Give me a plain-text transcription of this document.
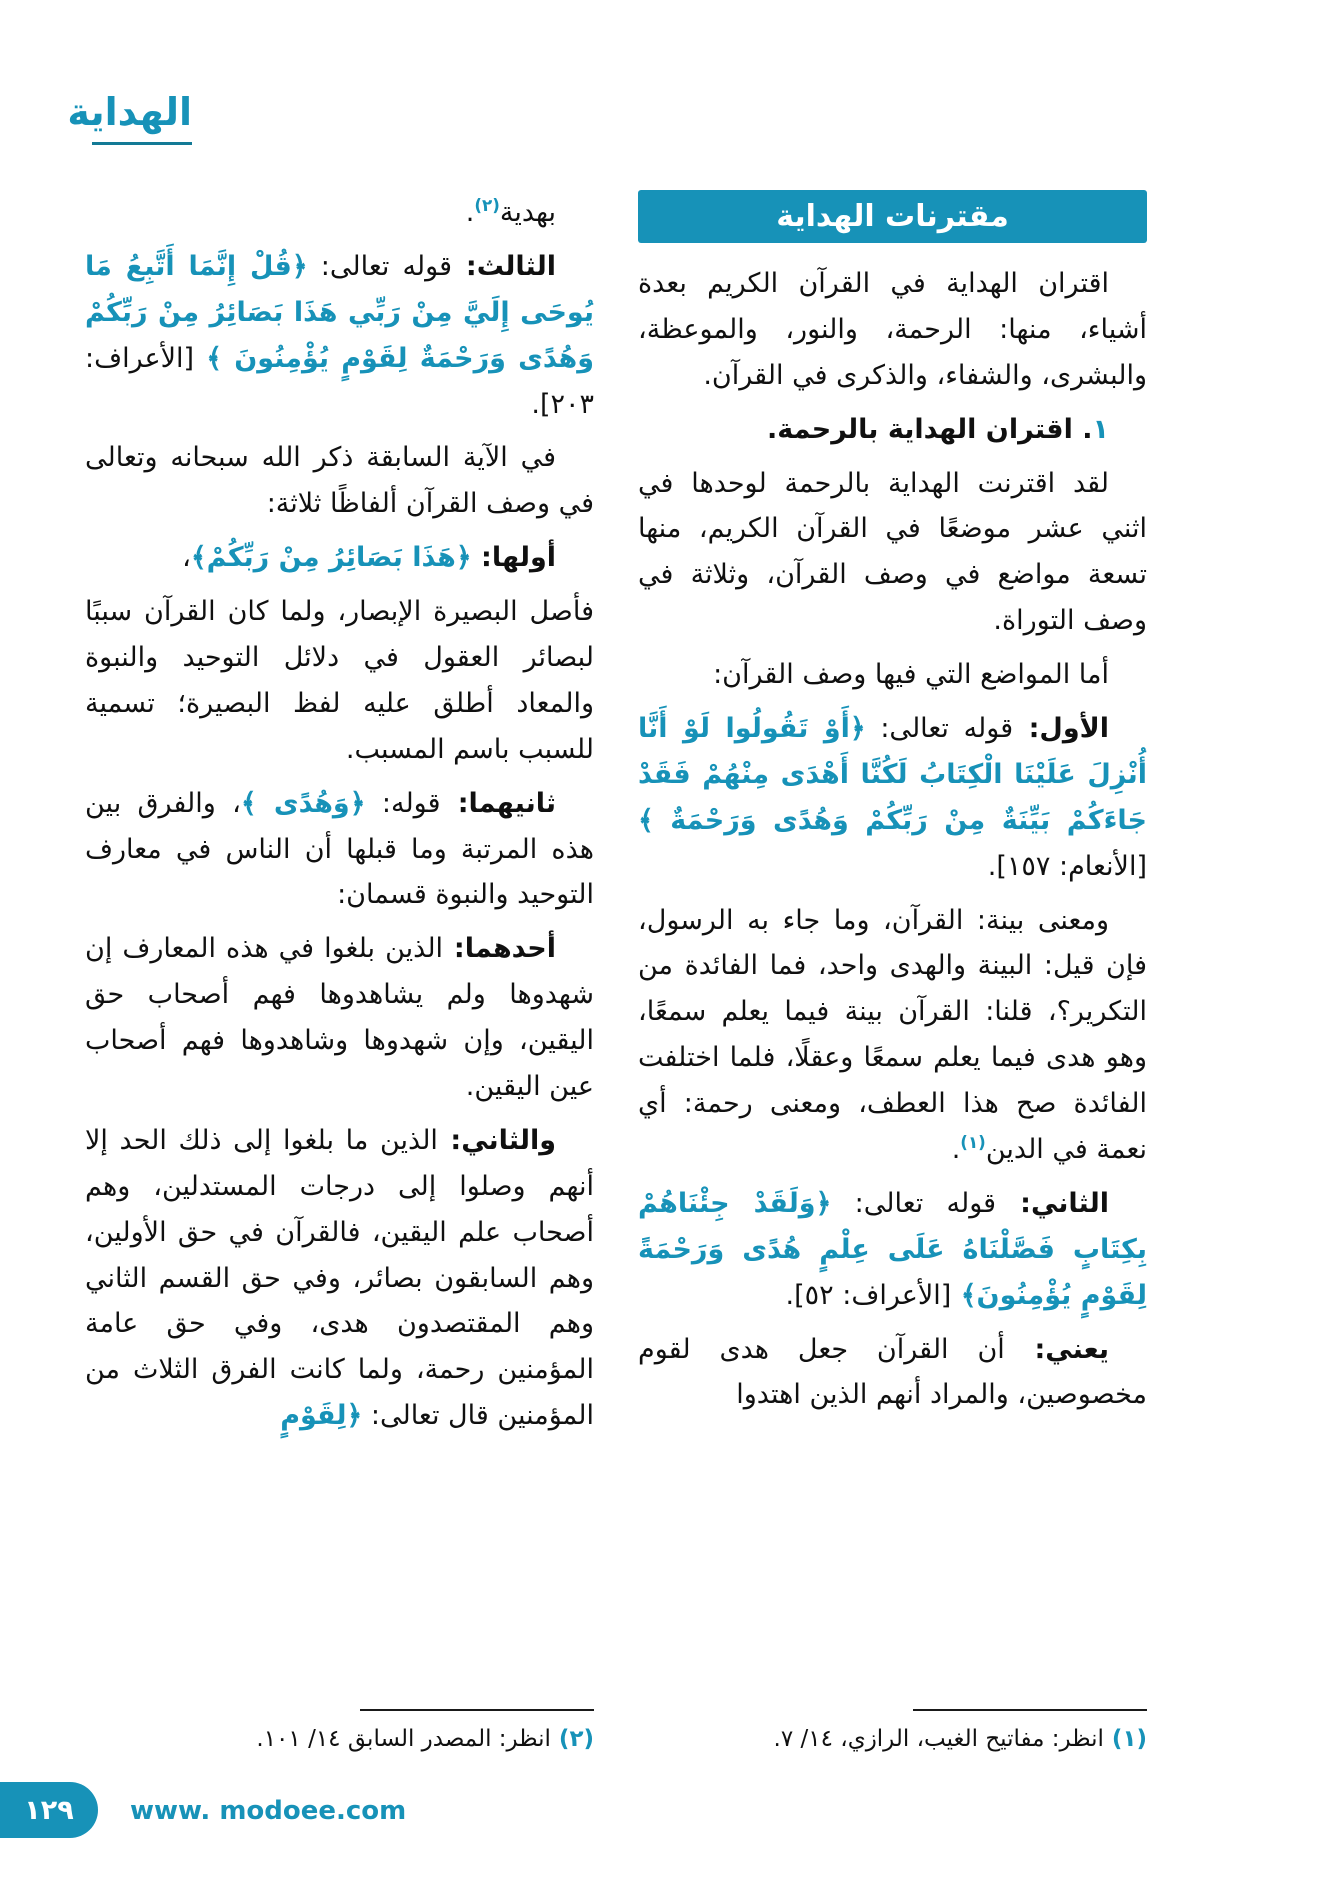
الهداية
مقترنات الهداية

اقتران الهداية في القرآن الكريم بعدة أشياء، منها: الرحمة، والنور، والموعظة، والبشرى، والشفاء، والذكرى في القرآن.

١. اقتران الهداية بالرحمة.

لقد اقترنت الهداية بالرحمة لوحدها في اثني عشر موضعًا في القرآن الكريم، منها تسعة مواضع في وصف القرآن، وثلاثة في وصف التوراة.

أما المواضع التي فيها وصف القرآن:

الأول: قوله تعالى: ﴿أَوْ تَقُولُوا لَوْ أَنَّا أُنْزِلَ عَلَيْنَا الْكِتَابُ لَكُنَّا أَهْدَى مِنْهُمْ فَقَدْ جَاءَكُمْ بَيِّنَةٌ مِنْ رَبِّكُمْ وَهُدًى وَرَحْمَةٌ ﴾ [الأنعام: ١٥٧].

ومعنى بينة: القرآن، وما جاء به الرسول، فإن قيل: البينة والهدى واحد، فما الفائدة من التكرير؟، قلنا: القرآن بينة فيما يعلم سمعًا، وهو هدى فيما يعلم سمعًا وعقلًا، فلما اختلفت الفائدة صح هذا العطف، ومعنى رحمة: أي نعمة في الدين$^{(١)}$.

الثاني: قوله تعالى: ﴿وَلَقَدْ جِئْنَاهُمْ بِكِتَابٍ فَصَّلْنَاهُ عَلَى عِلْمٍ هُدًى وَرَحْمَةً لِقَوْمٍ يُؤْمِنُونَ﴾ [الأعراف: ٥٢].

يعني: أن القرآن جعل هدى لقوم مخصوصين، والمراد أنهم الذين اهتدوا

(١) انظر: مفاتيح الغيب، الرازي، ١٤/ ٧.

بهدية$^{(٢)}$.

الثالث: قوله تعالى: ﴿قُلْ إِنَّمَا أَتَّبِعُ مَا يُوحَى إِلَيَّ مِنْ رَبِّي هَذَا بَصَائِرُ مِنْ رَبِّكُمْ وَهُدًى وَرَحْمَةٌ لِقَوْمٍ يُؤْمِنُونَ ﴾ [الأعراف: ٢٠٣].

في الآية السابقة ذكر الله سبحانه وتعالى في وصف القرآن ألفاظًا ثلاثة:

أولها: ﴿هَذَا بَصَائِرُ مِنْ رَبِّكُمْ﴾،

فأصل البصيرة الإبصار، ولما كان القرآن سببًا لبصائر العقول في دلائل التوحيد والنبوة والمعاد أطلق عليه لفظ البصيرة؛ تسمية للسبب باسم المسبب.

ثانيهما: قوله: ﴿وَهُدًى ﴾، والفرق بين هذه المرتبة وما قبلها أن الناس في معارف التوحيد والنبوة قسمان:

أحدهما: الذين بلغوا في هذه المعارف إن شهدوها ولم يشاهدوها فهم أصحاب حق اليقين، وإن شهدوها وشاهدوها فهم أصحاب عين اليقين.

والثاني: الذين ما بلغوا إلى ذلك الحد إلا أنهم وصلوا إلى درجات المستدلين، وهم أصحاب علم اليقين، فالقرآن في حق الأولين، وهم السابقون بصائر، وفي حق القسم الثاني وهم المقتصدون هدى، وفي حق عامة المؤمنين رحمة، ولما كانت الفرق الثلاث من المؤمنين قال تعالى: ﴿لِقَوْمٍ

(٢) انظر: المصدر السابق ١٤/ ١٠١.
١٢٩	www. modoee.com
